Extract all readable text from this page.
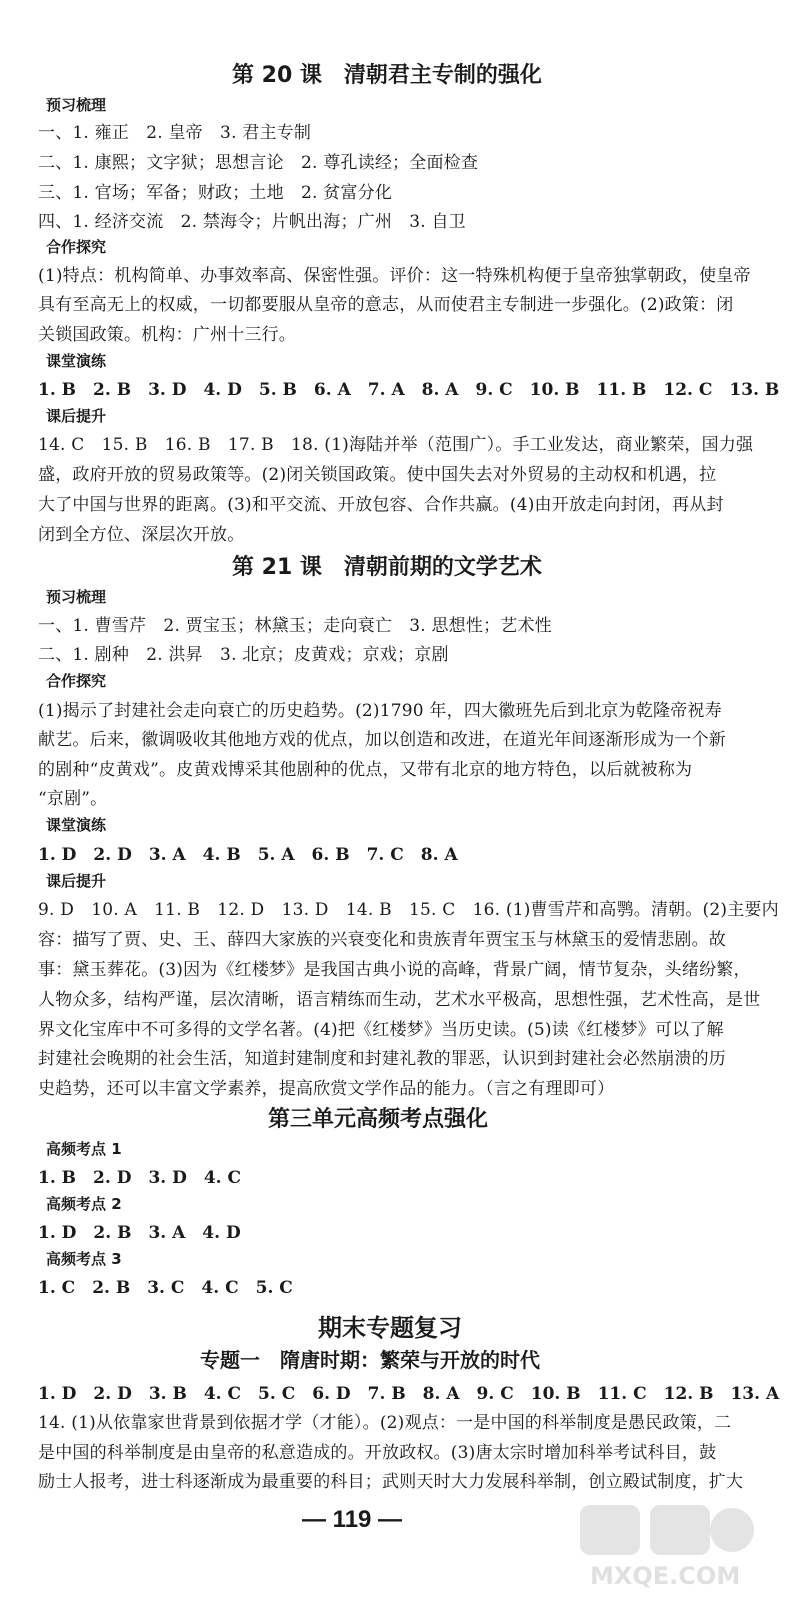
第 20 课　清朝君主专制的强化
预习梳理
一、1. 雍正　2. 皇帝　3. 君主专制
二、1. 康熙；文字狱；思想言论　2. 尊孔读经；全面检查
三、1. 官场；军备；财政；土地　2. 贫富分化
四、1. 经济交流　2. 禁海令；片帆出海；广州　3. 自卫
合作探究
(1)特点：机构简单、办事效率高、保密性强。评价：这一特殊机构便于皇帝独掌朝政，使皇帝
具有至高无上的权威，一切都要服从皇帝的意志，从而使君主专制进一步强化。(2)政策：闭
关锁国政策。机构：广州十三行。
课堂演练
1. B　2. B　3. D　4. D　5. B　6. A　7. A　8. A　9. C　10. B　11. B　12. C　13. B
课后提升
14. C　15. B　16. B　17. B　18. (1)海陆并举（范围广）。手工业发达，商业繁荣，国力强
盛，政府开放的贸易政策等。(2)闭关锁国政策。使中国失去对外贸易的主动权和机遇，拉
大了中国与世界的距离。(3)和平交流、开放包容、合作共赢。(4)由开放走向封闭，再从封
闭到全方位、深层次开放。
第 21 课　清朝前期的文学艺术
预习梳理
一、1. 曹雪芹　2. 贾宝玉；林黛玉；走向衰亡　3. 思想性；艺术性
二、1. 剧种　2. 洪昇　3. 北京；皮黄戏；京戏；京剧
合作探究
(1)揭示了封建社会走向衰亡的历史趋势。(2)1790 年，四大徽班先后到北京为乾隆帝祝寿
献艺。后来，徽调吸收其他地方戏的优点，加以创造和改进，在道光年间逐渐形成为一个新
的剧种“皮黄戏”。皮黄戏博采其他剧种的优点，又带有北京的地方特色，以后就被称为
“京剧”。
课堂演练
1. D　2. D　3. A　4. B　5. A　6. B　7. C　8. A
课后提升
9. D　10. A　11. B　12. D　13. D　14. B　15. C　16. (1)曹雪芹和高鹗。清朝。(2)主要内
容：描写了贾、史、王、薛四大家族的兴衰变化和贵族青年贾宝玉与林黛玉的爱情悲剧。故
事：黛玉葬花。(3)因为《红楼梦》是我国古典小说的高峰，背景广阔，情节复杂，头绪纷繁，
人物众多，结构严谨，层次清晰，语言精练而生动，艺术水平极高，思想性强，艺术性高，是世
界文化宝库中不可多得的文学名著。(4)把《红楼梦》当历史读。(5)读《红楼梦》可以了解
封建社会晚期的社会生活，知道封建制度和封建礼教的罪恶，认识到封建社会必然崩溃的历
史趋势，还可以丰富文学素养，提高欣赏文学作品的能力。（言之有理即可）
第三单元高频考点强化
高频考点 1
1. B　2. D　3. D　4. C
高频考点 2
1. D　2. B　3. A　4. D
高频考点 3
1. C　2. B　3. C　4. C　5. C
期末专题复习
专题一　隋唐时期：繁荣与开放的时代
1. D　2. D　3. B　4. C　5. C　6. D　7. B　8. A　9. C　10. B　11. C　12. B　13. A
14. (1)从依靠家世背景到依据才学（才能）。(2)观点：一是中国的科举制度是愚民政策，二
是中国的科举制度是由皇帝的私意造成的。开放政权。(3)唐太宗时增加科举考试科目，鼓
励士人报考，进士科逐渐成为最重要的科目；武则天时大力发展科举制，创立殿试制度，扩大
— 119 —
MXQE.COM
